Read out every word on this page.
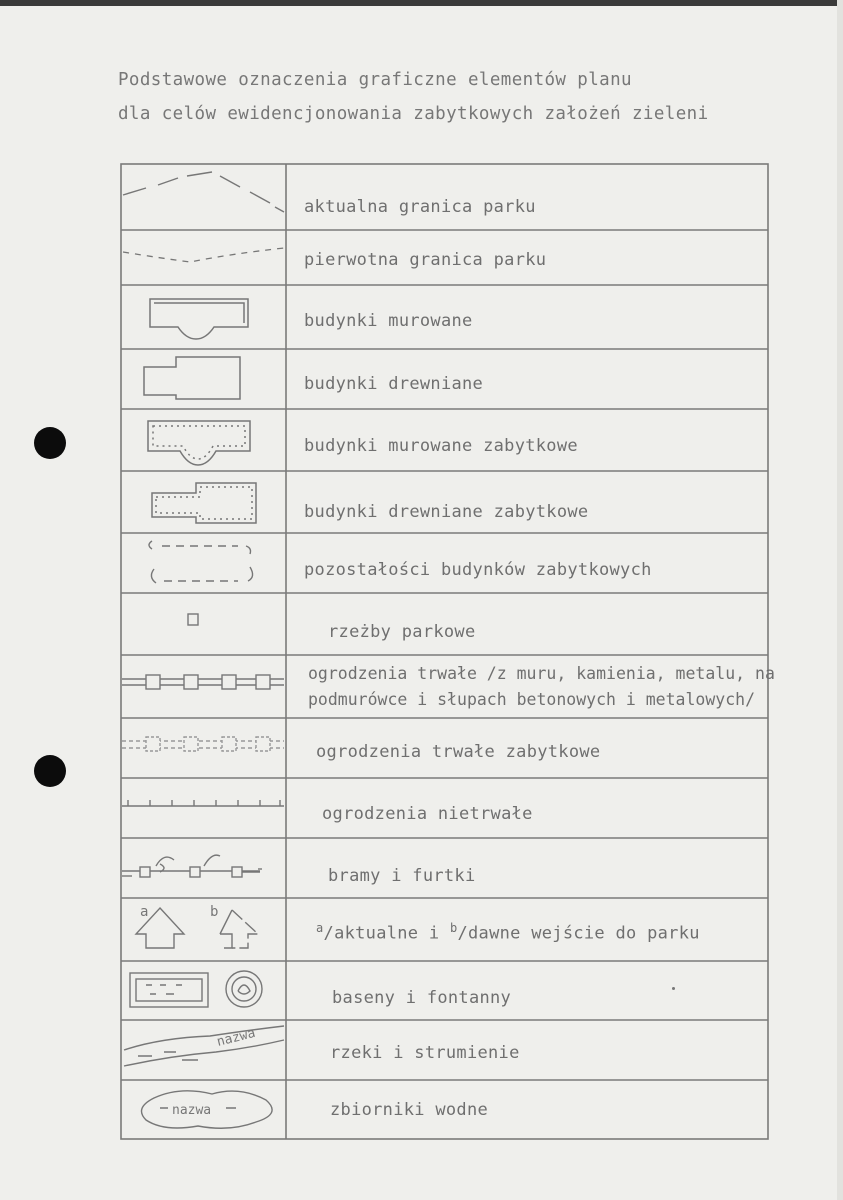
Podstawowe oznaczenia graficzne elementów planu
dla celów ewidencjonowania zabytkowych założeń zieleni
aktualna granica parku
pierwotna granica parku
budynki murowane
budynki drewniane
budynki murowane zabytkowe
budynki drewniane zabytkowe
pozostałości budynków zabytkowych
rzeżby parkowe
ogrodzenia trwałe /z muru, kamienia, metalu, na
podmurówce i słupach betonowych i metalowych/
ogrodzenia trwałe zabytkowe
ogrodzenia nietrwałe
bramy i furtki
a	b
$^a$/aktualne i $^b$/dawne wejście do parku
baseny i fontanny
nazwa
rzeki i strumienie
nazwa	zbiorniki wodne
